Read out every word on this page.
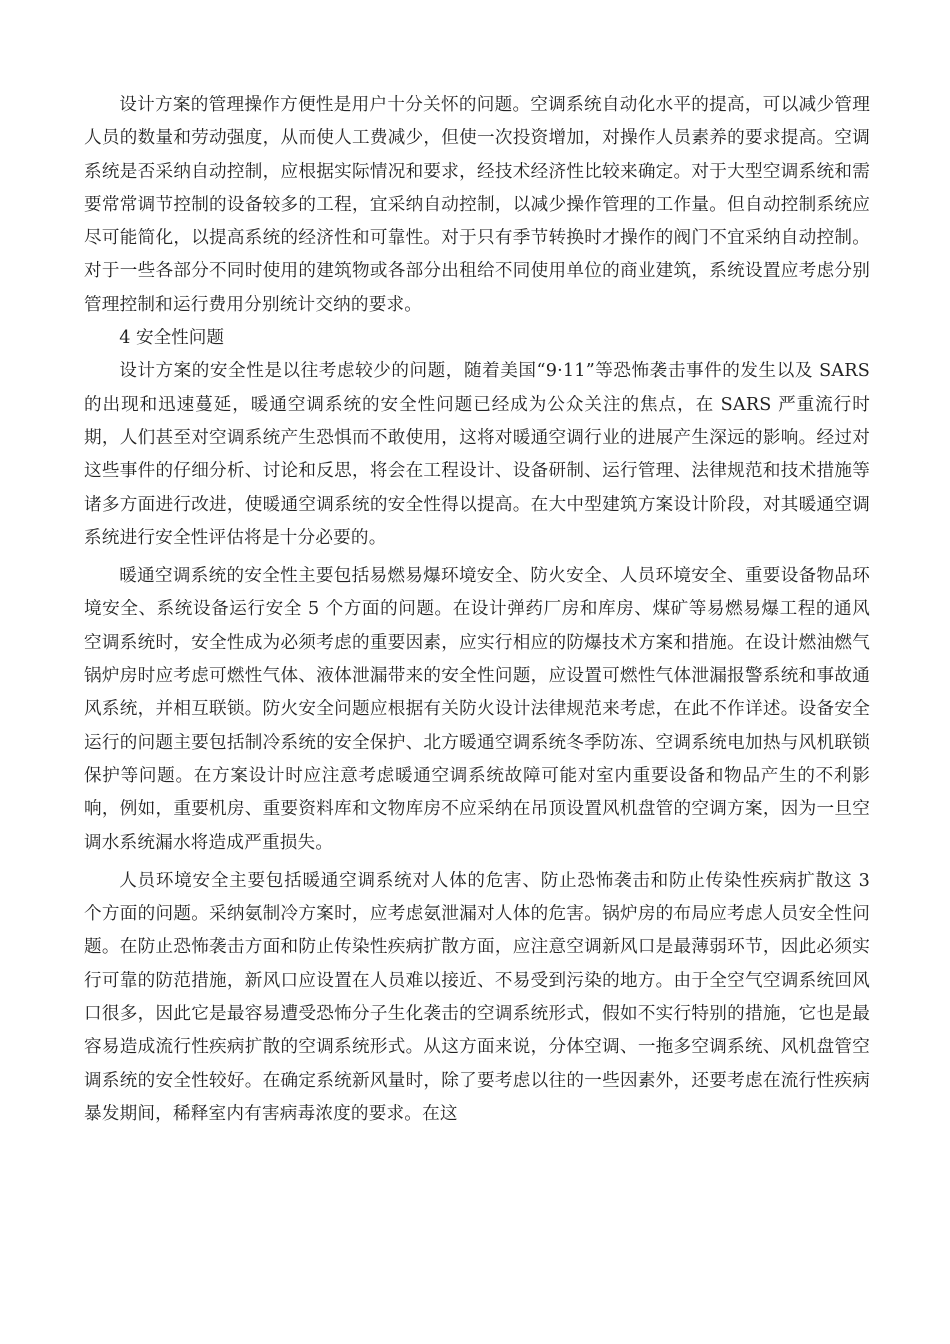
设计方案的管理操作方便性是用户十分关怀的问题。空调系统自动化水平的提高，可以减少管理人员的数量和劳动强度，从而使人工费减少，但使一次投资增加，对操作人员素养的要求提高。空调系统是否采纳自动控制，应根据实际情况和要求，经技术经济性比较来确定。对于大型空调系统和需要常常调节控制的设备较多的工程，宜采纳自动控制，以减少操作管理的工作量。但自动控制系统应尽可能简化，以提高系统的经济性和可靠性。对于只有季节转换时才操作的阀门不宜采纳自动控制。对于一些各部分不同时使用的建筑物或各部分出租给不同使用单位的商业建筑，系统设置应考虑分别管理控制和运行费用分别统计交纳的要求。

4 安全性问题

设计方案的安全性是以往考虑较少的问题，随着美国“9·11”等恐怖袭击事件的发生以及 SARS 的出现和迅速蔓延，暖通空调系统的安全性问题已经成为公众关注的焦点，在 SARS 严重流行时期，人们甚至对空调系统产生恐惧而不敢使用，这将对暖通空调行业的进展产生深远的影响。经过对这些事件的仔细分析、讨论和反思，将会在工程设计、设备研制、运行管理、法律规范和技术措施等诸多方面进行改进，使暖通空调系统的安全性得以提高。在大中型建筑方案设计阶段，对其暖通空调系统进行安全性评估将是十分必要的。

暖通空调系统的安全性主要包括易燃易爆环境安全、防火安全、人员环境安全、重要设备物品环境安全、系统设备运行安全 5 个方面的问题。在设计弹药厂房和库房、煤矿等易燃易爆工程的通风空调系统时，安全性成为必须考虑的重要因素，应实行相应的防爆技术方案和措施。在设计燃油燃气锅炉房时应考虑可燃性气体、液体泄漏带来的安全性问题，应设置可燃性气体泄漏报警系统和事故通风系统，并相互联锁。防火安全问题应根据有关防火设计法律规范来考虑，在此不作详述。设备安全运行的问题主要包括制冷系统的安全保护、北方暖通空调系统冬季防冻、空调系统电加热与风机联锁保护等问题。在方案设计时应注意考虑暖通空调系统故障可能对室内重要设备和物品产生的不利影响，例如，重要机房、重要资料库和文物库房不应采纳在吊顶设置风机盘管的空调方案，因为一旦空调水系统漏水将造成严重损失。

人员环境安全主要包括暖通空调系统对人体的危害、防止恐怖袭击和防止传染性疾病扩散这 3 个方面的问题。采纳氨制冷方案时，应考虑氨泄漏对人体的危害。锅炉房的布局应考虑人员安全性问题。在防止恐怖袭击方面和防止传染性疾病扩散方面，应注意空调新风口是最薄弱环节，因此必须实行可靠的防范措施，新风口应设置在人员难以接近、不易受到污染的地方。由于全空气空调系统回风口很多，因此它是最容易遭受恐怖分子生化袭击的空调系统形式，假如不实行特别的措施，它也是最容易造成流行性疾病扩散的空调系统形式。从这方面来说，分体空调、一拖多空调系统、风机盘管空调系统的安全性较好。在确定系统新风量时，除了要考虑以往的一些因素外，还要考虑在流行性疾病暴发期间，稀释室内有害病毒浓度的要求。在这
